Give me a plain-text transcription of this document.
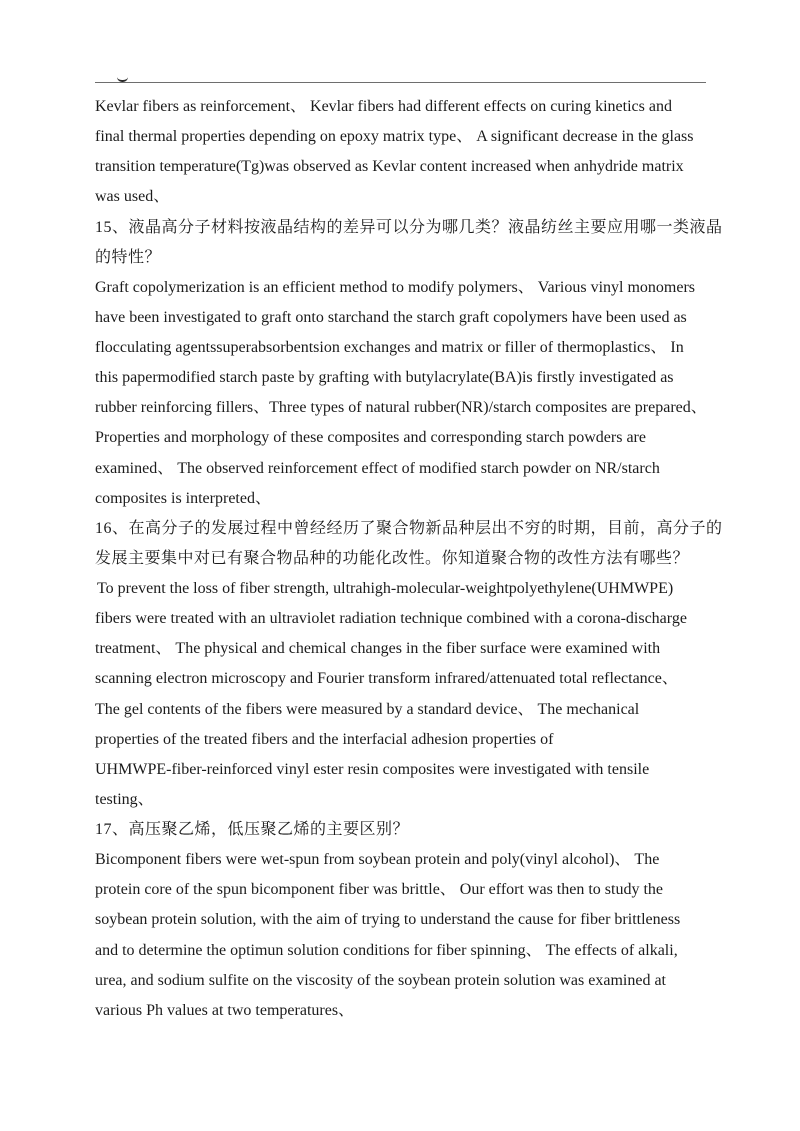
Kevlar fibers as reinforcement、 Kevlar fibers had different effects on curing kinetics and
final thermal properties depending on epoxy matrix type、 A significant decrease in the glass
transition temperature(Tg)was observed as Kevlar content increased when anhydride matrix
was used、
15、液晶高分子材料按液晶结构的差异可以分为哪几类？液晶纺丝主要应用哪一类液晶
的特性？
Graft copolymerization is an efficient method to modify polymers、 Various vinyl monomers
have been investigated to graft onto starchand the starch graft copolymers have been used as
flocculating agentssuperabsorbentsion exchanges and matrix or filler of thermoplastics、 In
this papermodified starch paste by grafting with butylacrylate(BA)is firstly investigated as
rubber reinforcing fillers、Three types of natural rubber(NR)/starch composites are prepared、
Properties and morphology of these composites and corresponding starch powders are
examined、 The observed reinforcement effect of modified starch powder on NR/starch
composites is interpreted、
16、在高分子的发展过程中曾经经历了聚合物新品种层出不穷的时期，目前，高分子的
发展主要集中对已有聚合物品种的功能化改性。你知道聚合物的改性方法有哪些？
To prevent the loss of fiber strength, ultrahigh-molecular-weightpolyethylene(UHMWPE)
fibers were treated with an ultraviolet radiation technique combined with a corona-discharge
treatment、 The physical and chemical changes in the fiber surface were examined with
scanning electron microscopy and Fourier transform infrared/attenuated total reflectance、
The gel contents of the fibers were measured by a standard device、 The mechanical
properties of the treated fibers and the interfacial adhesion properties of
UHMWPE-fiber-reinforced vinyl ester resin composites were investigated with tensile
testing、
17、高压聚乙烯，低压聚乙烯的主要区别？
Bicomponent fibers were wet-spun from soybean protein and poly(vinyl alcohol)、 The
protein core of the spun bicomponent fiber was brittle、 Our effort was then to study the
soybean protein solution, with the aim of trying to understand the cause for fiber brittleness
and to determine the optimun solution conditions for fiber spinning、 The effects of alkali,
urea, and sodium sulfite on the viscosity of the soybean protein solution was examined at
various Ph values at two temperatures、
